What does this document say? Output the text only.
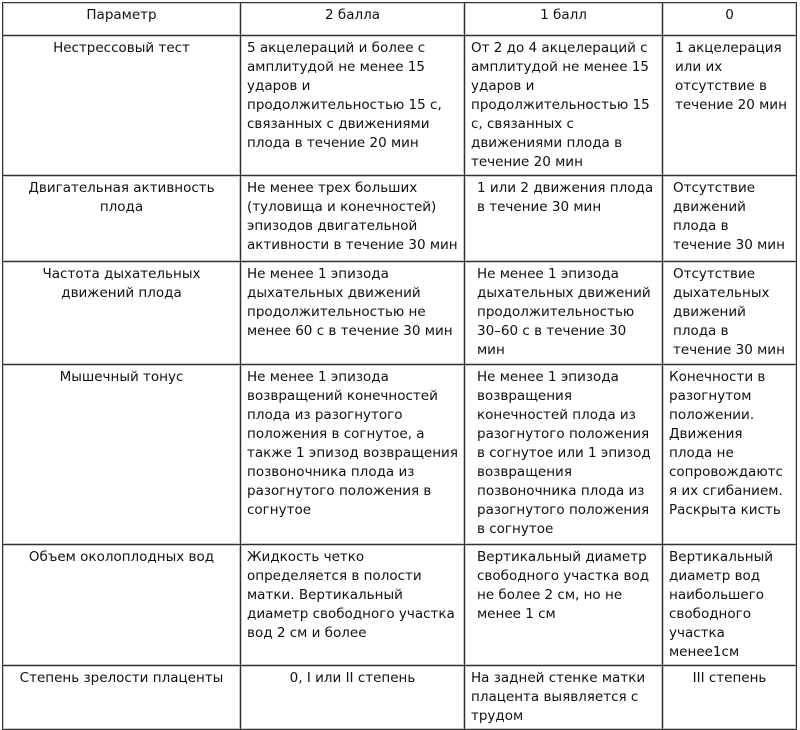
Параметр	2 балла	1 балл	0
Нестрессовый тест	5 акцелераций и более с амплитудой не менее 15 ударов и продолжительностью 15 с, связанных с движениями плода в течение 20 мин	От 2 до 4 акцелераций с амплитудой не менее 15 ударов и продолжительностью 15 с, связанных с движениями плода в течение 20 мин	1 акцелерация или их отсутствие в течение 20 мин
Двигательная активность плода	Не менее трех больших (туловища и конечностей) эпизодов двигательной активности в течение 30 мин	1 или 2 движения плода в течение 30 мин	Отсутствие движений плода в течение 30 мин
Частота дыхательных движений плода	Не менее 1 эпизода дыхательных движений продолжительностью не менее 60 с в течение 30 мин	Не менее 1 эпизода дыхательных движений продолжительностью 30–60 с в течение 30 мин	Отсутствие дыхательных движений плода в течение 30 мин
Мышечный тонус	Не менее 1 эпизода возвращений конечностей плода из разогнутого положения в согнутое, а также 1 эпизод возвращения позвоночника плода из разогнутого положения в согнутое	Не менее 1 эпизода возвращения конечностей плода из разогнутого положения в согнутое или 1 эпизод возвращения позвоночника плода из разогнутого положения в согнутое	Конечности в разогнутом положении. Движения плода не сопровождаются их сгибанием. Раскрыта кисть
Объем околоплодных вод	Жидкость четко определяется в полости матки. Вертикальный диаметр свободного участка вод 2 см и более	Вертикальный диаметр свободного участка вод не более 2 см, но не менее 1 см	Вертикальный диаметр вод наибольшего свободного участка менее1см
Степень зрелости плаценты	0, I или II степень	На задней стенке матки плацента выявляется с трудом	III степень
